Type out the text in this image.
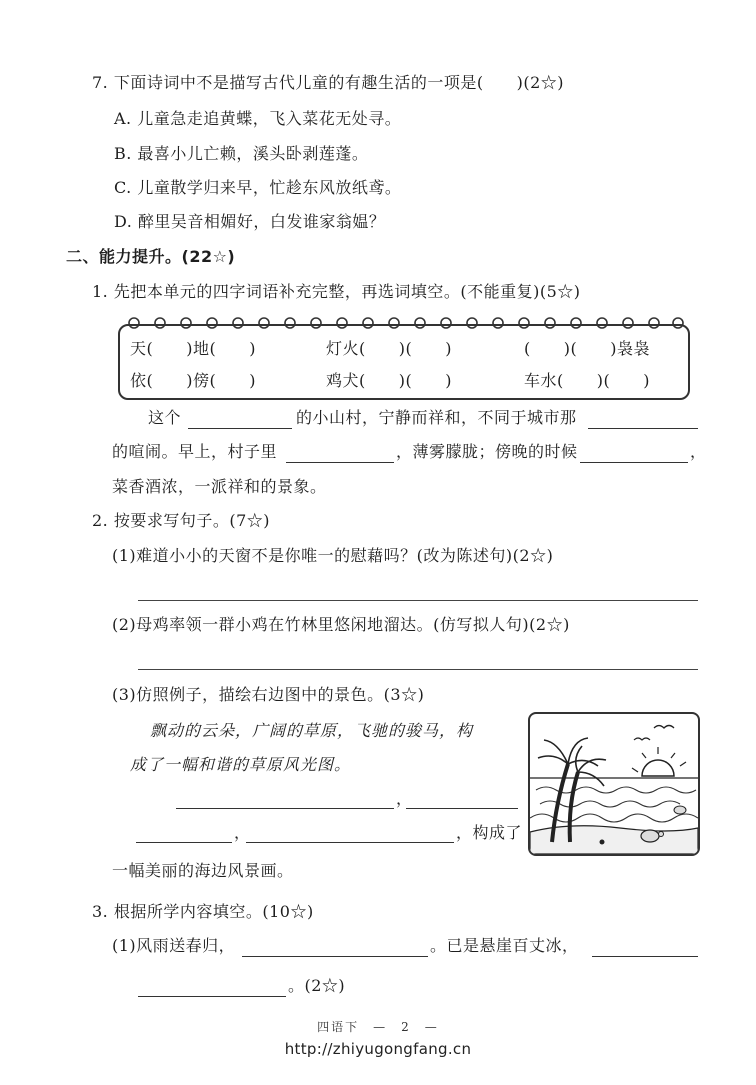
7. 下面诗词中不是描写古代儿童的有趣生活的一项是(　　)(2☆)
A. 儿童急走追黄蝶，飞入菜花无处寻。
B. 最喜小儿亡赖，溪头卧剥莲蓬。
C. 儿童散学归来早，忙趁东风放纸鸢。
D. 醉里吴音相媚好，白发谁家翁媪？
二、能力提升。(22☆)
1. 先把本单元的四字词语补充完整，再选词填空。(不能重复)(5☆)
天(　　)地(　　)	灯火(　　)(　　)	(　　)(　　)袅袅
依(　　)傍(　　)	鸡犬(　　)(　　)	车水(　　)(　　)
这个	的小山村，宁静而祥和，不同于城市那
的喧闹。早上，村子里	，薄雾朦胧；傍晚的时候	，
菜香酒浓，一派祥和的景象。
2. 按要求写句子。(7☆)
(1)难道小小的天窗不是你唯一的慰藉吗？(改为陈述句)(2☆)
(2)母鸡率领一群小鸡在竹林里悠闲地溜达。(仿写拟人句)(2☆)
(3)仿照例子，描绘右边图中的景色。(3☆)
飘动的云朵，广阔的草原，飞驰的骏马，构
成了一幅和谐的草原风光图。
，
，	，构成了
一幅美丽的海边风景画。
3. 根据所学内容填空。(10☆)
(1)风雨送春归，	。已是悬崖百丈冰，
。(2☆)
四语下　—　2　—
http://zhiyugongfang.cn
